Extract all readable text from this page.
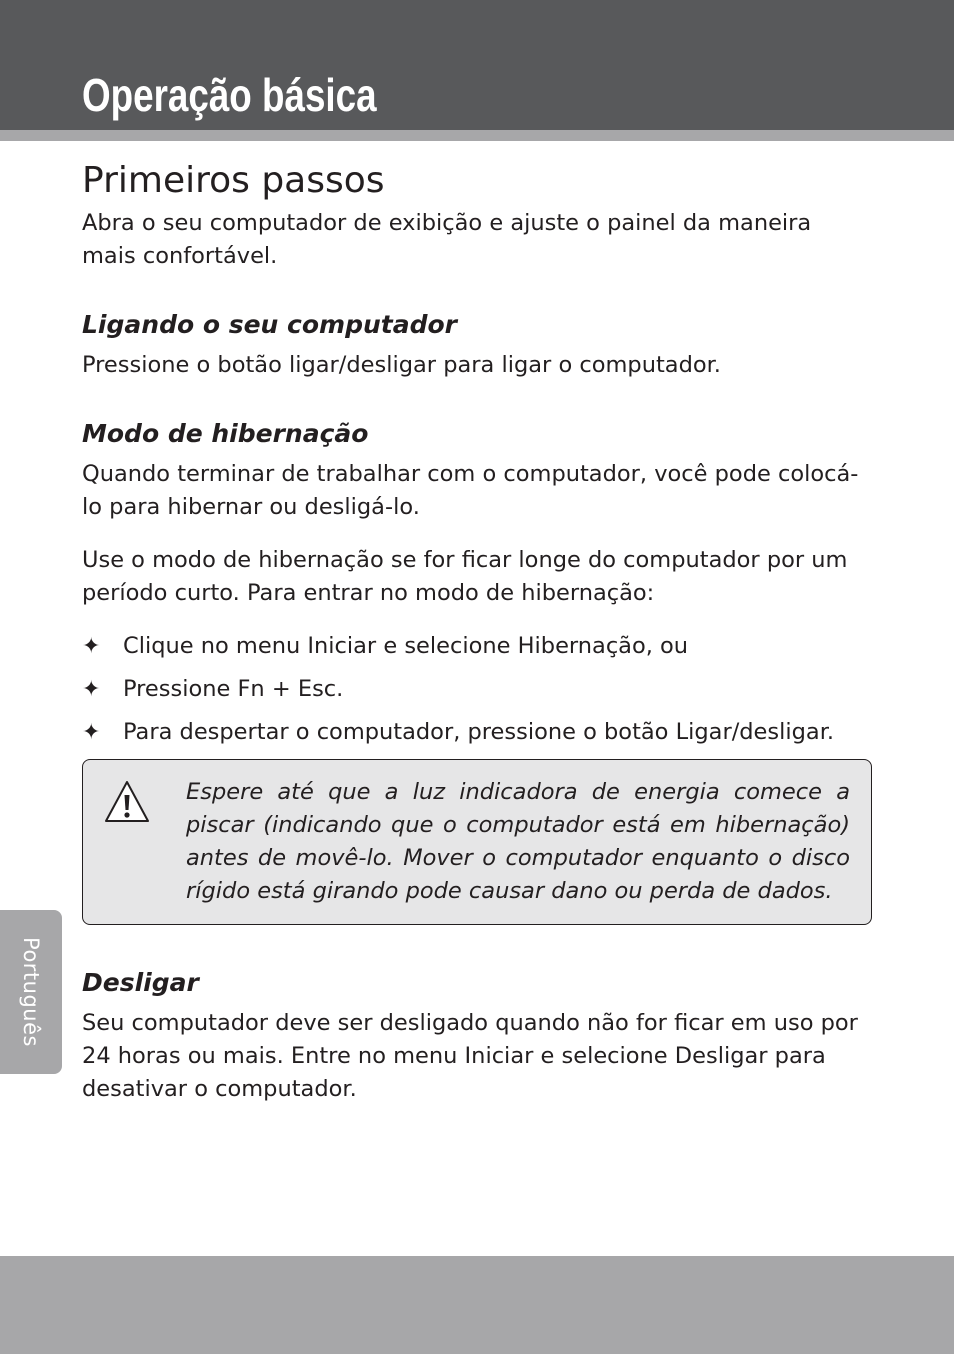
Operação básica
Português
Primeiros passos

Abra o seu computador de exibição e ajuste o painel da maneira mais confortável.

Ligando o seu computador

Pressione o botão ligar/desligar para ligar o computador.

Modo de hibernação

Quando terminar de trabalhar com o computador, você pode colocá-lo para hibernar ou desligá-lo.

Use o modo de hibernação se for ficar longe do computador por um período curto. Para entrar no modo de hibernação:

✦ Clique no menu Iniciar e selecione Hibernação, ou
✦ Pressione Fn + Esc.
✦ Para despertar o computador, pressione o botão Ligar/desligar.

Espere até que a luz indicadora de energia comece a piscar (indicando que o computador está em hibernação) antes de movê-lo. Mover o computador enquanto o disco rígido está girando pode causar dano ou perda de dados.

Desligar

Seu computador deve ser desligado quando não for ficar em uso por 24 horas ou mais. Entre no menu Iniciar e selecione Desligar para desativar o computador.
